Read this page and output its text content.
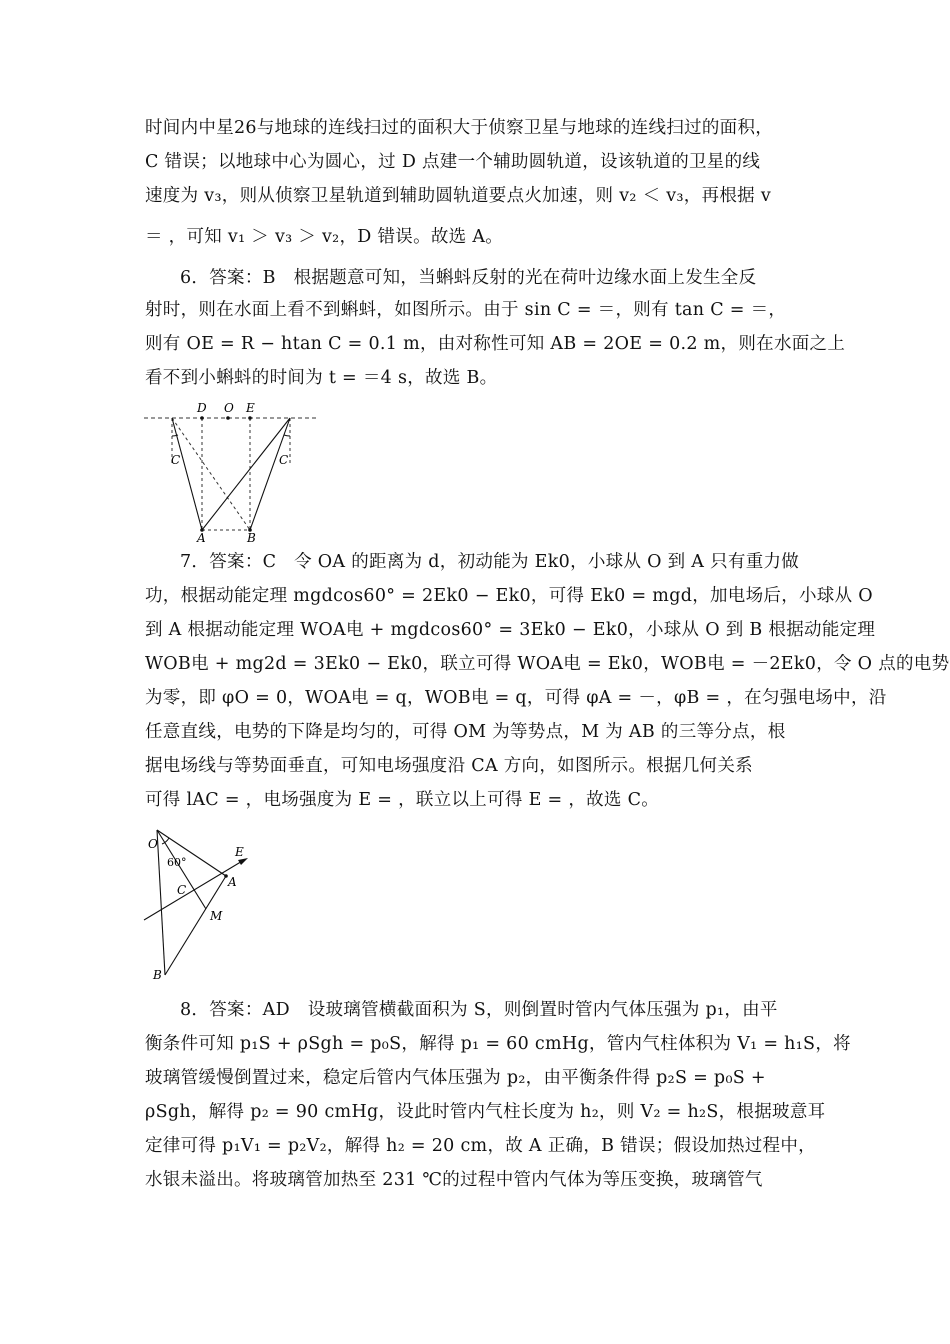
时间内中星26与地球的连线扫过的面积大于侦察卫星与地球的连线扫过的面积，
C 错误；以地球中心为圆心，过 D 点建一个辅助圆轨道，设该轨道的卫星的线
速度为 v₃，则从侦察卫星轨道到辅助圆轨道要点火加速，则 v₂ ＜ v₃，再根据 v
＝ ，可知 v₁ ＞ v₃ ＞ v₂，D 错误。故选 A。
6．答案：B　根据题意可知，当蝌蚪反射的光在荷叶边缘水面上发生全反
射时，则在水面上看不到蝌蚪，如图所示。由于 sin C = ＝，则有 tan C = ＝，
则有 OE = R − htan C = 0.1 m，由对称性可知 AB = 2OE = 0.2 m，则在水面之上
看不到小蝌蚪的时间为 t = ＝4 s，故选 B。
D O E
A	B
C	C
7．答案：C　令 OA 的距离为 d，初动能为 Ek0，小球从 O 到 A 只有重力做
功，根据动能定理 mgdcos60° = 2Ek0 − Ek0，可得 Ek0 = mgd，加电场后，小球从 O
到 A 根据动能定理 WOA电 + mgdcos60° = 3Ek0 − Ek0，小球从 O 到 B 根据动能定理
WOB电 + mg2d = 3Ek0 − Ek0，联立可得 WOA电 = Ek0，WOB电 = －2Ek0，令 O 点的电势
为零，即 φO = 0，WOA电 = q，WOB电 = q，可得 φA = －，φB = ，在匀强电场中，沿
任意直线，电势的下降是均匀的，可得 OM 为等势点，M 为 AB 的三等分点，根
据电场线与等势面垂直，可知电场强度沿 CA 方向，如图所示。根据几何关系
可得 lAC = ，电场强度为 E = ，联立以上可得 E = ，故选 C。
O
60°
E
A
C
M
B
8．答案：AD　设玻璃管横截面积为 S，则倒置时管内气体压强为 p₁，由平
衡条件可知 p₁S + ρSgh = p₀S，解得 p₁ = 60 cmHg，管内气柱体积为 V₁ = h₁S，将
玻璃管缓慢倒置过来，稳定后管内气体压强为 p₂，由平衡条件得 p₂S = p₀S +
ρSgh，解得 p₂ = 90 cmHg，设此时管内气柱长度为 h₂，则 V₂ = h₂S，根据玻意耳
定律可得 p₁V₁ = p₂V₂，解得 h₂ = 20 cm，故 A 正确，B 错误；假设加热过程中，
水银未溢出。将玻璃管加热至 231 ℃的过程中管内气体为等压变换，玻璃管气
